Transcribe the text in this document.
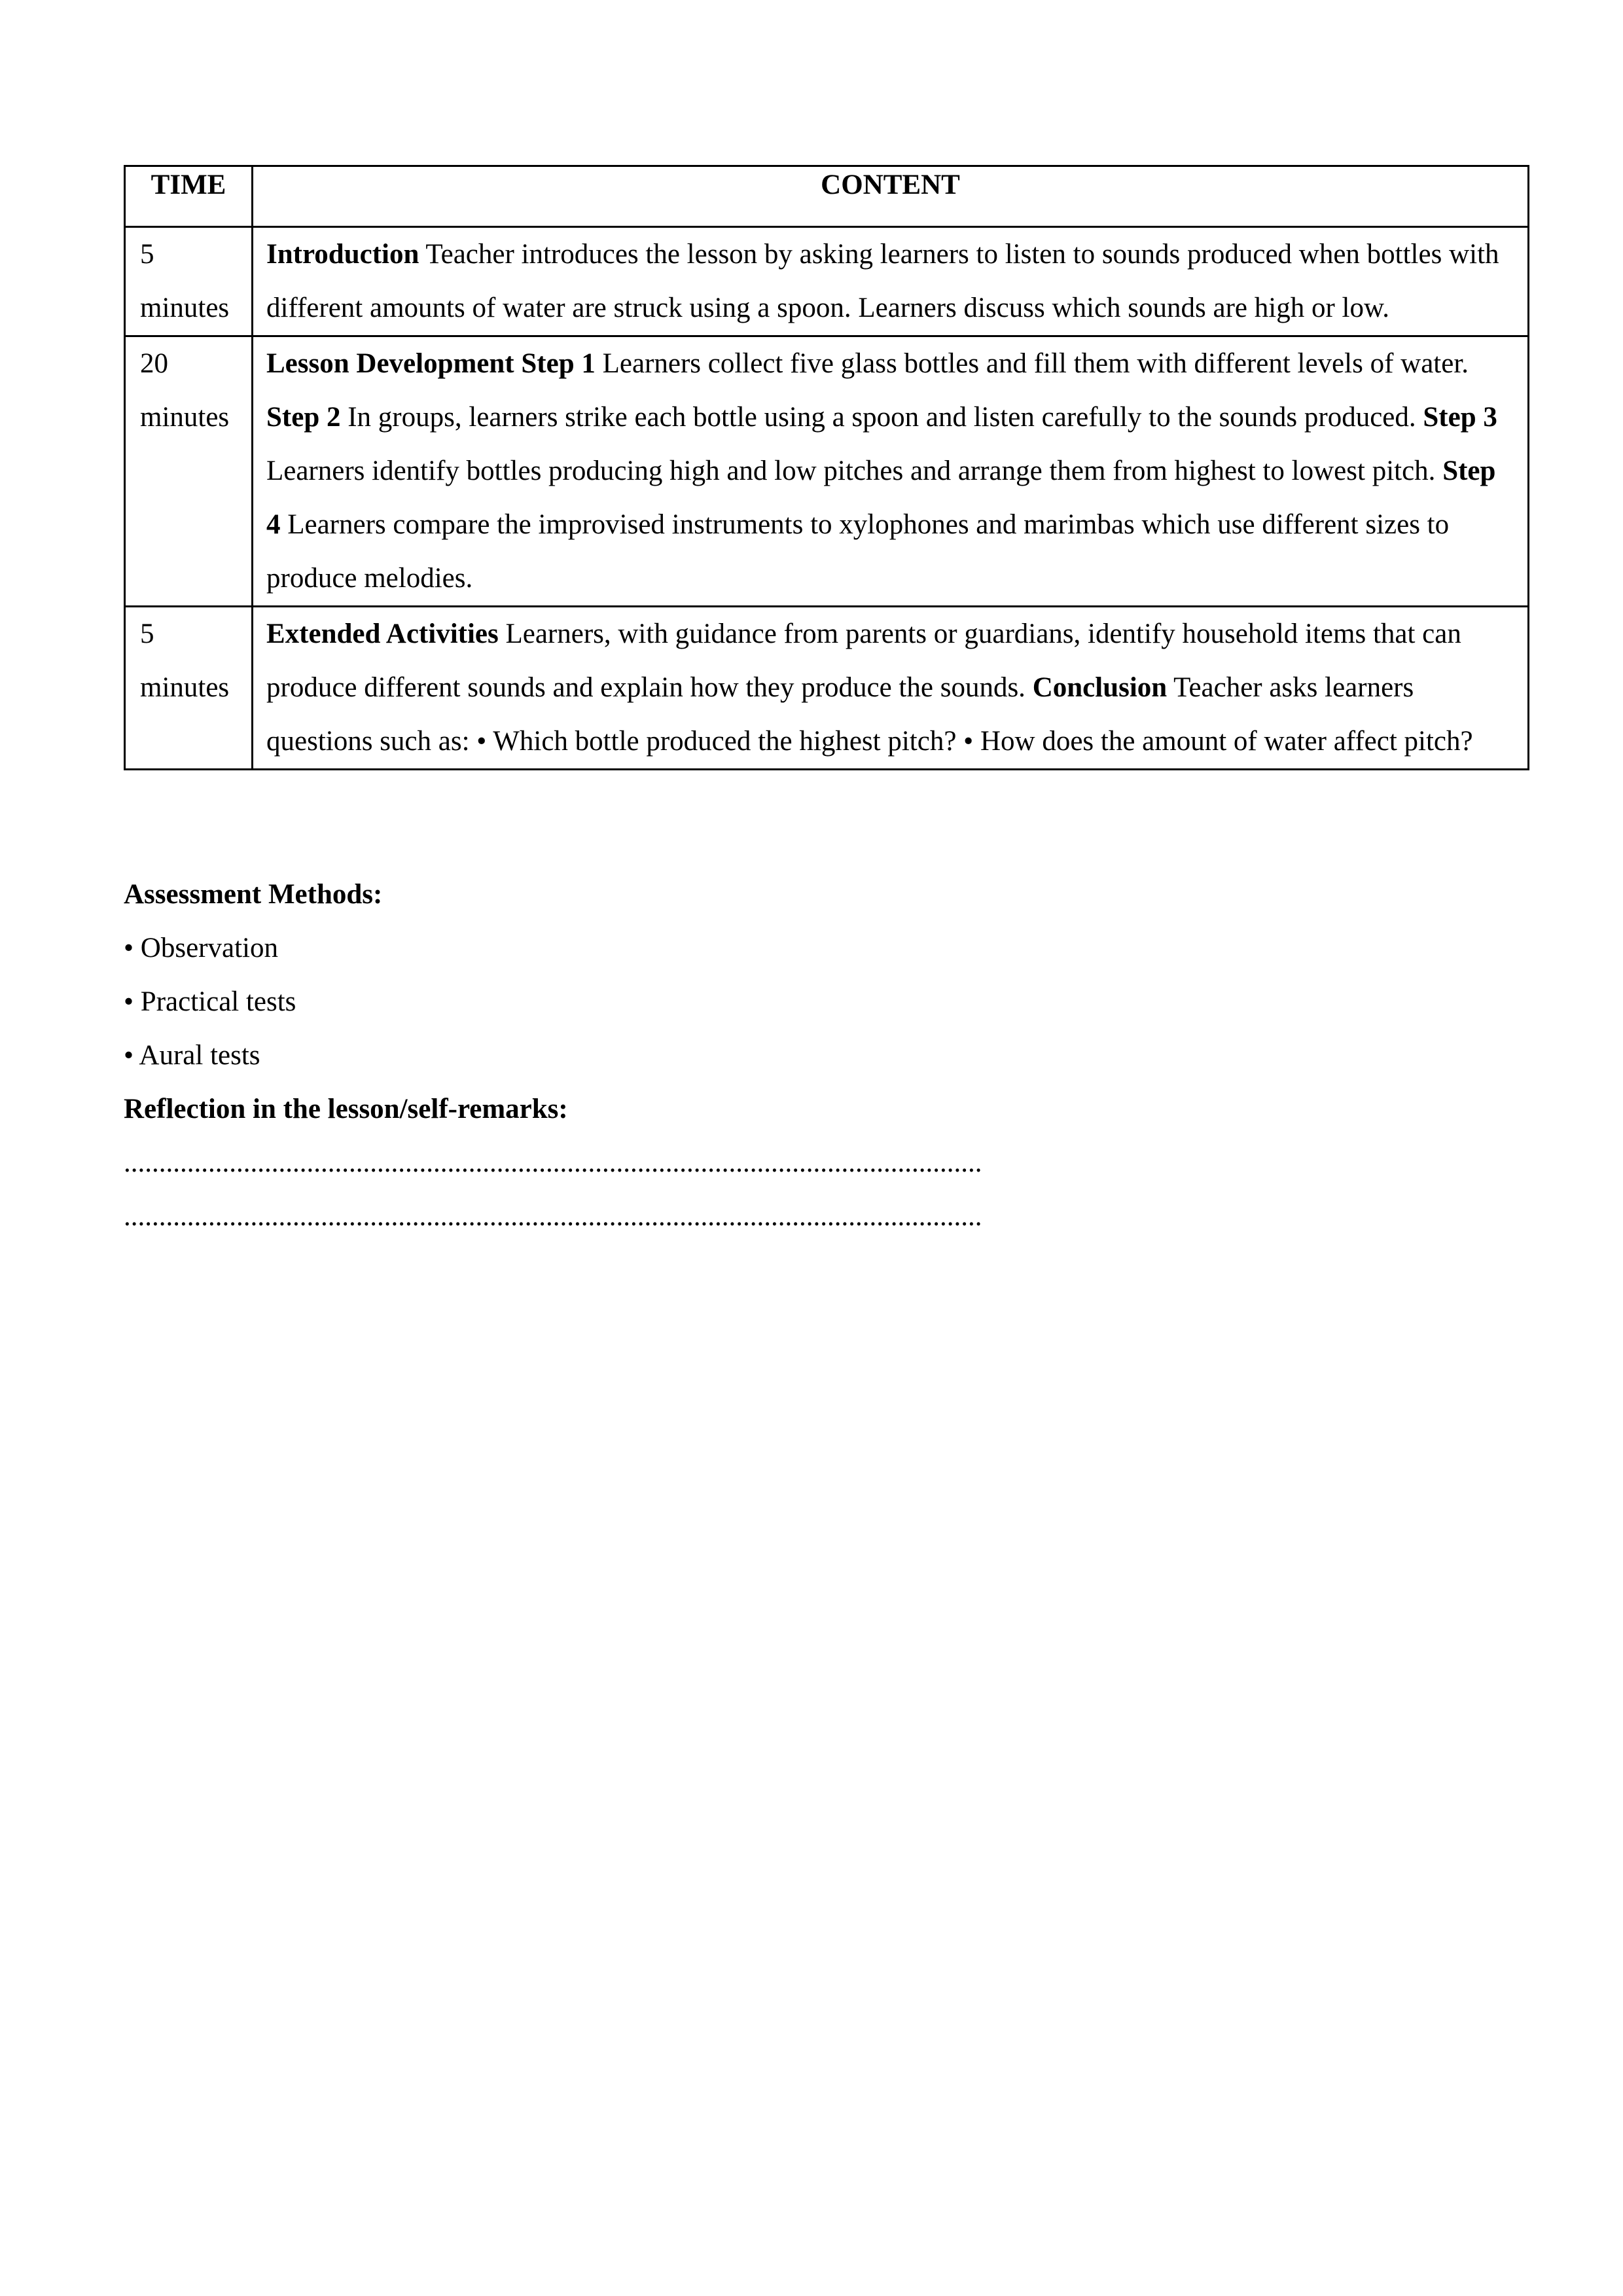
TIME	CONTENT

5
minutes	Introduction Teacher introduces the lesson by asking learners to listen to sounds produced when bottles with different amounts of water are struck using a spoon. Learners discuss which sounds are high or low.

20
minutes	Lesson Development Step 1 Learners collect five glass bottles and fill them with different levels of water. Step 2 In groups, learners strike each bottle using a spoon and listen carefully to the sounds produced. Step 3 Learners identify bottles producing high and low pitches and arrange them from highest to lowest pitch. Step 4 Learners compare the improvised instruments to xylophones and marimbas which use different sizes to produce melodies.

5
minutes	Extended Activities Learners, with guidance from parents or guardians, identify household items that can produce different sounds and explain how they produce the sounds. Conclusion Teacher asks learners questions such as: • Which bottle produced the highest pitch? • How does the amount of water affect pitch?

Assessment Methods:

• Observation

• Practical tests

• Aural tests

Reflection in the lesson/self-remarks:

..........................................................................................................................

..........................................................................................................................
